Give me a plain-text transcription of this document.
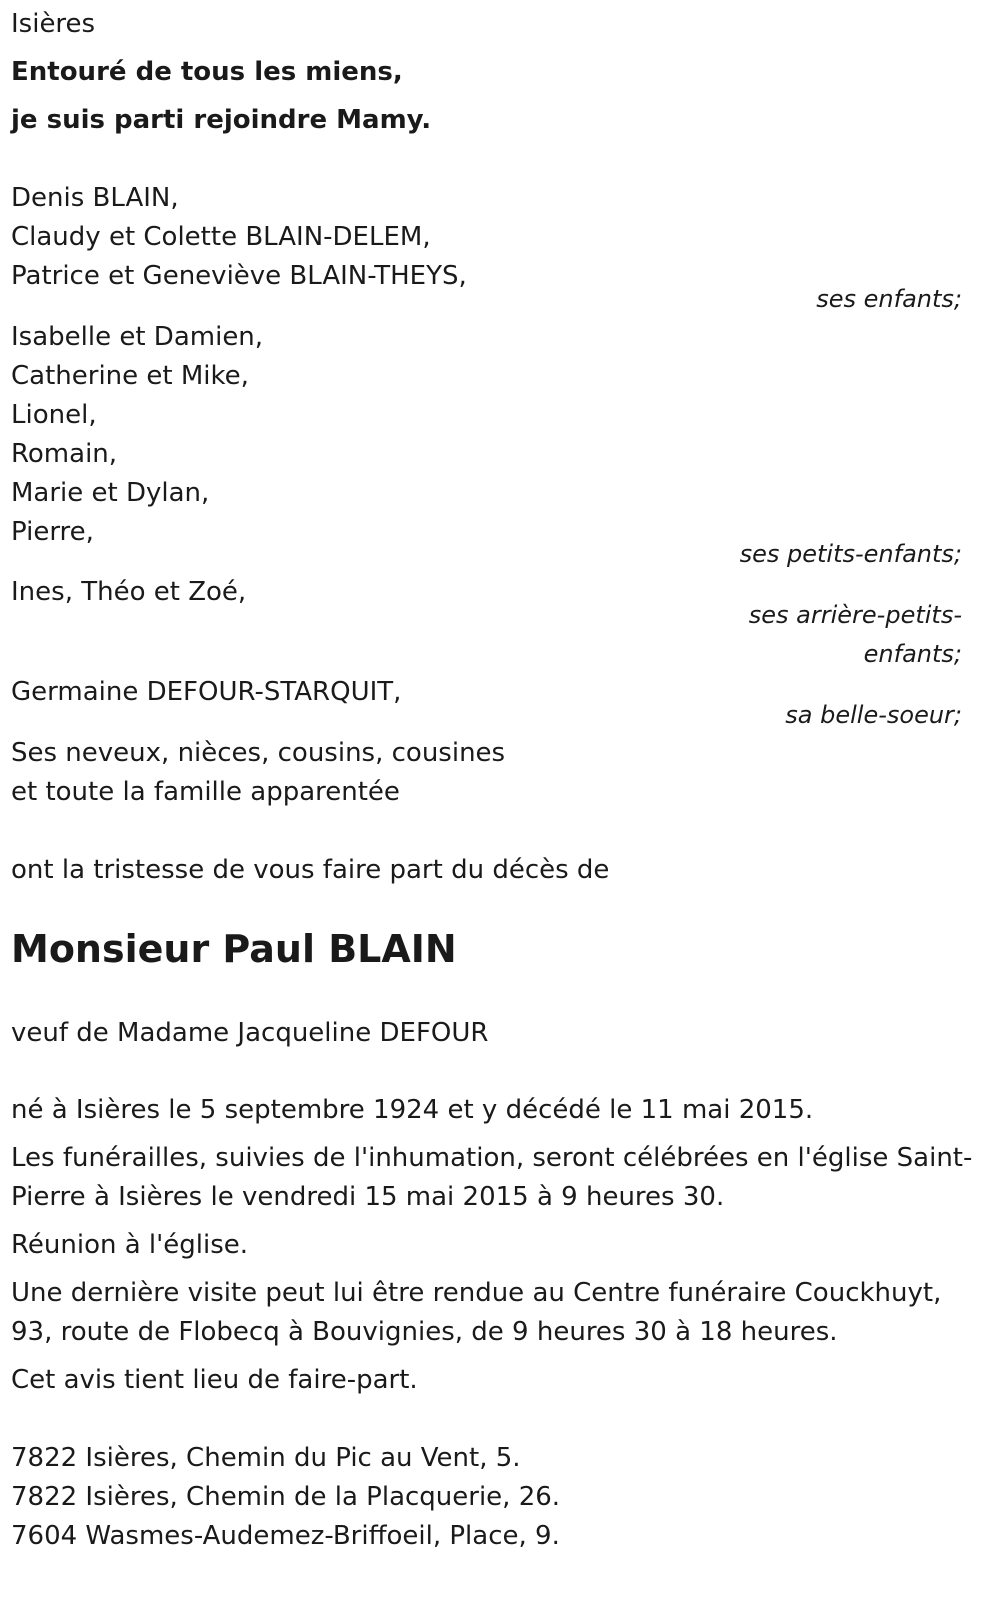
Isières

Entouré de tous les miens,

je suis parti rejoindre Mamy.

Denis BLAIN,
Claudy et Colette BLAIN-DELEM,
Patrice et Geneviève BLAIN-THEYS,

ses enfants;

Isabelle et Damien,
Catherine et Mike,
Lionel,
Romain,
Marie et Dylan,
Pierre,

ses petits-enfants;

Ines, Théo et Zoé,

ses arrière-petits-

enfants;

Germaine DEFOUR-STARQUIT,

sa belle-soeur;

Ses neveux, nièces, cousins, cousines

et toute la famille apparentée

ont la tristesse de vous faire part du décès de

Monsieur Paul BLAIN

veuf de Madame Jacqueline DEFOUR

né à Isières le 5 septembre 1924 et y décédé le 11 mai 2015.

Les funérailles, suivies de l'inhumation, seront célébrées en l'église Saint-

Pierre à Isières le vendredi 15 mai 2015 à 9 heures 30.

Réunion à l'église.

Une dernière visite peut lui être rendue au Centre funéraire Couckhuyt,

93, route de Flobecq à Bouvignies, de 9 heures 30 à 18 heures.

Cet avis tient lieu de faire-part.

7822 Isières, Chemin du Pic au Vent, 5.
7822 Isières, Chemin de la Placquerie, 26.
7604 Wasmes-Audemez-Briffoeil, Place, 9.
